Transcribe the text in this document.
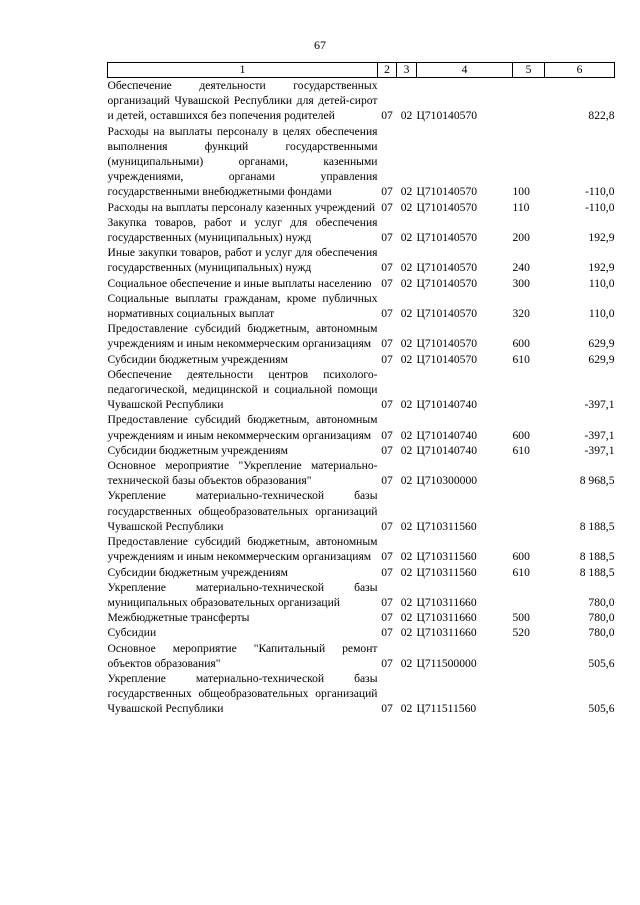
67
1	2	3	4	5	6
Обеспечение деятельности государственных организаций Чувашской Республики для детей-сирот и детей, оставшихся без попечения родителей	07	02	Ц710140570		822,8
Расходы на выплаты персоналу в целях обеспечения выполнения функций государственными (муниципальными) органами, казенными учреждениями, органами управления государственными внебюджетными фондами	07	02	Ц710140570	100	-110,0
Расходы на выплаты персоналу казенных учреждений	07	02	Ц710140570	110	-110,0
Закупка товаров, работ и услуг для обеспечения государственных (муниципальных) нужд	07	02	Ц710140570	200	192,9
Иные закупки товаров, работ и услуг для обеспечения государственных (муниципальных) нужд	07	02	Ц710140570	240	192,9
Социальное обеспечение и иные выплаты населению	07	02	Ц710140570	300	110,0
Социальные выплаты гражданам, кроме публичных нормативных социальных выплат	07	02	Ц710140570	320	110,0
Предоставление субсидий бюджетным, автономным учреждениям и иным некоммерческим организациям	07	02	Ц710140570	600	629,9
Субсидии бюджетным учреждениям	07	02	Ц710140570	610	629,9
Обеспечение деятельности центров психолого-педагогической, медицинской и социальной помощи Чувашской Республики	07	02	Ц710140740		-397,1
Предоставление субсидий бюджетным, автономным учреждениям и иным некоммерческим организациям	07	02	Ц710140740	600	-397,1
Субсидии бюджетным учреждениям	07	02	Ц710140740	610	-397,1
Основное мероприятие "Укрепление материально-технической базы объектов образования"	07	02	Ц710300000		8 968,5
Укрепление материально-технической базы государственных общеобразовательных организаций Чувашской Республики	07	02	Ц710311560		8 188,5
Предоставление субсидий бюджетным, автономным учреждениям и иным некоммерческим организациям	07	02	Ц710311560	600	8 188,5
Субсидии бюджетным учреждениям	07	02	Ц710311560	610	8 188,5
Укрепление материально-технической базы муниципальных образовательных организаций	07	02	Ц710311660		780,0
Межбюджетные трансферты	07	02	Ц710311660	500	780,0
Субсидии	07	02	Ц710311660	520	780,0
Основное мероприятие "Капитальный ремонт объектов образования"	07	02	Ц711500000		505,6
Укрепление материально-технической базы государственных общеобразовательных организаций Чувашской Республики	07	02	Ц711511560		505,6
